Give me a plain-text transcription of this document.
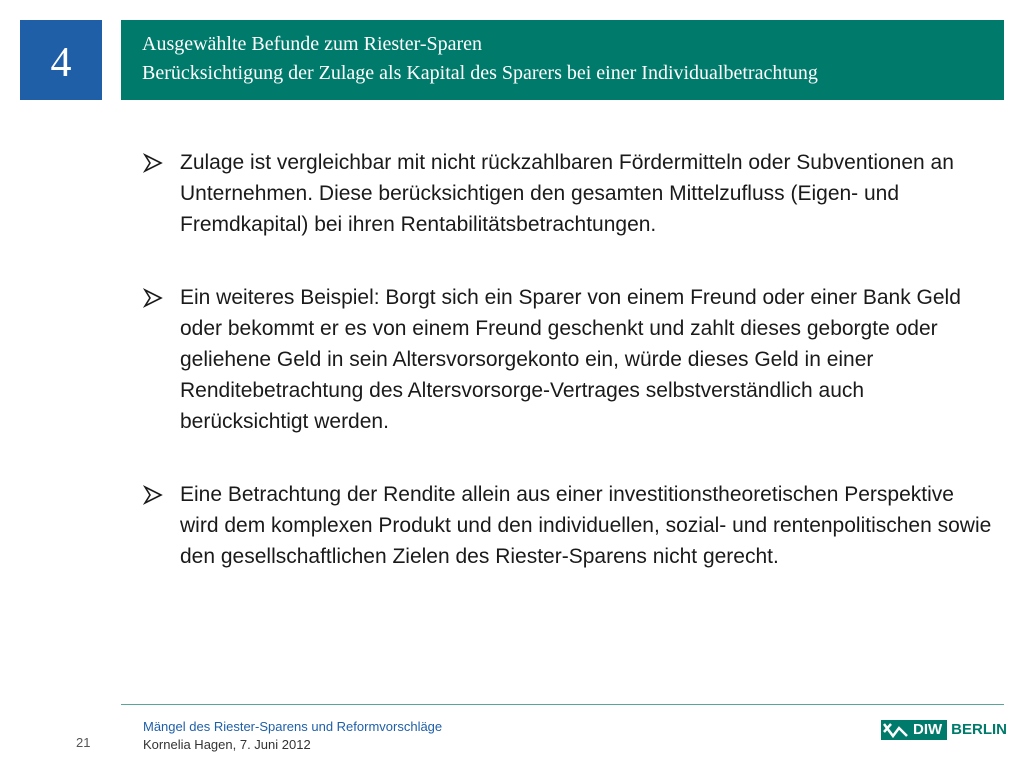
4	Ausgewählte Befunde zum Riester-Sparen
Berücksichtigung der Zulage als Kapital des Sparers bei einer Individualbetrachtung
Zulage ist vergleichbar mit nicht rückzahlbaren Fördermitteln oder Subventionen an Unternehmen. Diese berücksichtigen den gesamten Mittelzufluss (Eigen- und Fremdkapital) bei ihren Rentabilitätsbetrachtungen.
Ein weiteres Beispiel: Borgt sich ein Sparer von einem Freund oder einer Bank Geld oder bekommt er es von einem Freund geschenkt und zahlt dieses geborgte oder geliehene Geld in sein Altersvorsorgekonto ein, würde dieses Geld in einer Renditebetrachtung des Altersvorsorge-Vertrages selbstverständlich auch berücksichtigt werden.
Eine Betrachtung der Rendite allein aus einer investitionstheoretischen Perspektive wird dem komplexen Produkt und den individuellen, sozial- und rentenpolitischen sowie den gesellschaftlichen Zielen des Riester-Sparens nicht gerecht.
21
Mängel des Riester-Sparens und Reformvorschläge
Kornelia Hagen, 7. Juni 2012
DIW BERLIN
